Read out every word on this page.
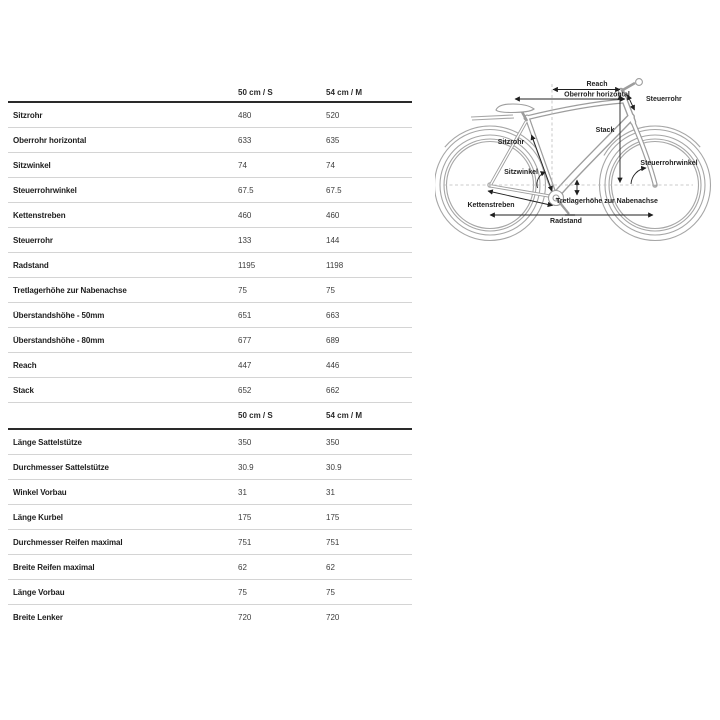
50 cm / S	54 cm / M
Sitzrohr	480	520
Oberrohr horizontal	633	635
Sitzwinkel	74	74
Steuerrohrwinkel	67.5	67.5
Kettenstreben	460	460
Steuerrohr	133	144
Radstand	1195	1198
Tretlagerhöhe zur Nabenachse	75	75
Überstandshöhe - 50mm	651	663
Überstandshöhe - 80mm	677	689
Reach	447	446
Stack	652	662
50 cm / S	54 cm / M
Länge Sattelstütze	350	350
Durchmesser Sattelstütze	30.9	30.9
Winkel Vorbau	31	31
Länge Kurbel	175	175
Durchmesser Reifen maximal	751	751
Breite Reifen maximal	62	62
Länge Vorbau	75	75
Breite Lenker	720	720
Reach
Oberrohr horizontal
Steuerrohr
Stack
Sitzrohr
Sitzwinkel
Steuerrohrwinkel
Kettenstreben
Tretlagerhöhe zur Nabenachse
Radstand
